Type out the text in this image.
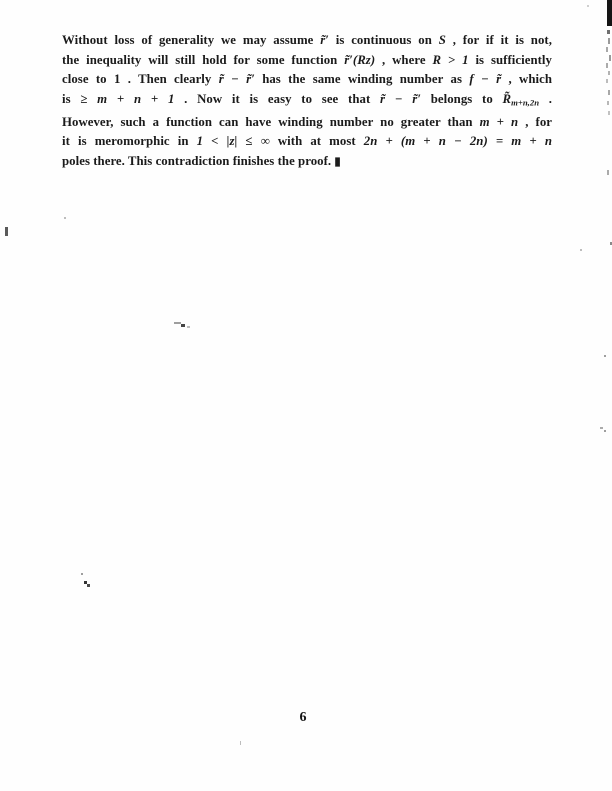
Without loss of generality we may assume r̃′ is continuous on S , for if it is not,
the inequality will still hold for some function r̃′(Rz) , where R > 1 is sufficiently
close to 1 . Then clearly r̃ − r̃′ has the same winding number as f − r̃ , which
is ≥ m + n + 1 . Now it is easy to see that r̃ − r̃′ belongs to $R̃_{m+n,2n}$ .
However, such a function can have winding number no greater than m + n , for
it is meromorphic in 1 < |z| ≤ ∞ with at most 2n + (m + n − 2n) = m + n
poles there. This contradiction finishes the proof. ▮
6
